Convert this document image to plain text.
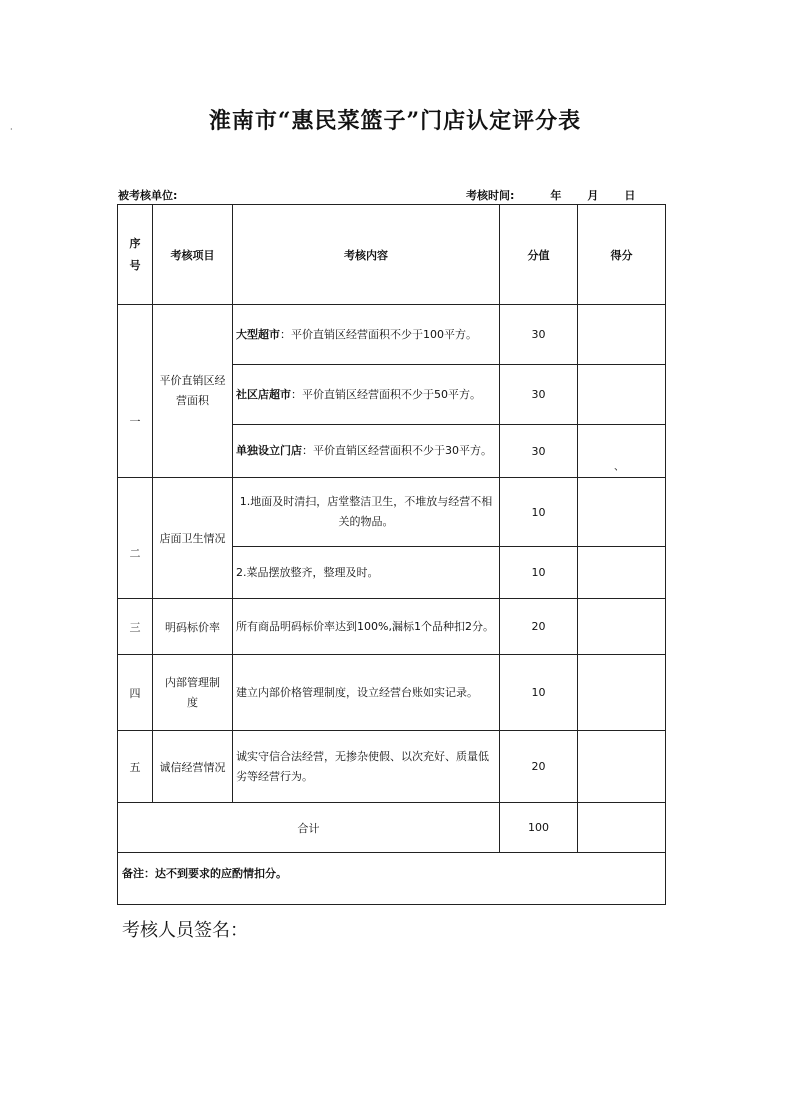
·	淮南市“惠民菜篮子”门店认定评分表
被考核单位:	考核时间:	年 月 日
序号	考核项目	考核内容	分值	得分

一	平价直销区经营面积	大型超市：平价直销区经营面积不少于100平方。	30	
		社区店超市：平价直销区经营面积不少于50平方。	30	
		单独设立门店：平价直销区经营面积不少于30平方。	30	

二	店面卫生情况	1.地面及时清扫，店堂整洁卫生，不堆放与经营不相关的物品。	10	
		2.菜品摆放整齐，整理及时。	10	
三	明码标价率	所有商品明码标价率达到100%,漏标1个品种扣2分。	20	
四	内部管理制度	建立内部价格管理制度，设立经营台账如实记录。	10	
五	诚信经营情况	诚实守信合法经营，无掺杂使假、以次充好、质量低劣等经营行为。	20	
合计			100	
备注：达不到要求的应酌情扣分。				
、
考核人员签名：
